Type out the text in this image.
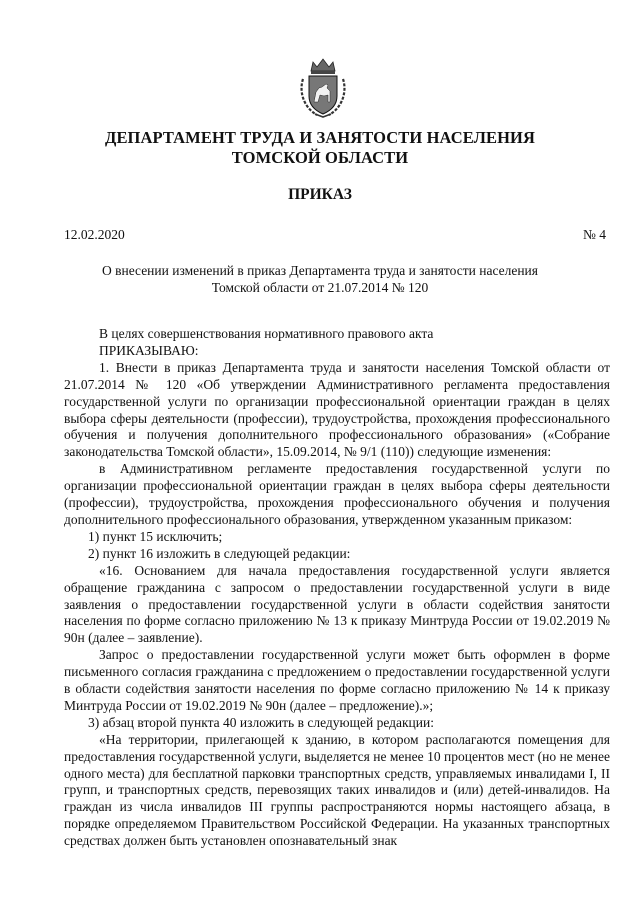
ДЕПАРТАМЕНТ ТРУДА И ЗАНЯТОСТИ НАСЕЛЕНИЯ
ТОМСКОЙ ОБЛАСТИ
ПРИКАЗ
12.02.2020	№ 4
О внесении изменений в приказ Департамента труда и занятости населения
Томской области от 21.07.2014 № 120

В целях совершенствования нормативного правового акта

ПРИКАЗЫВАЮ:

1. Внести в приказ Департамента труда и занятости населения Томской области от 21.07.2014 № 120 «Об утверждении Административного регламента предоставления государственной услуги по организации профессиональной ориентации граждан в целях выбора сферы деятельности (профессии), трудоустройства, прохождения профессионального обучения и получения дополнительного профессионального образования» («Собрание законодательства Томской области», 15.09.2014, № 9/1 (110)) следующие изменения:

в Административном регламенте предоставления государственной услуги по организации профессиональной ориентации граждан в целях выбора сферы деятельности (профессии), трудоустройства, прохождения профессионального обучения и получения дополнительного профессионального образования, утвержденном указанным приказом:

1) пункт 15 исключить;

2) пункт 16 изложить в следующей редакции:

«16. Основанием для начала предоставления государственной услуги является обращение гражданина с запросом о предоставлении государственной услуги в виде заявления о предоставлении государственной услуги в области содействия занятости населения по форме согласно приложению № 13 к приказу Минтруда России от 19.02.2019 № 90н (далее – заявление).

Запрос о предоставлении государственной услуги может быть оформлен в форме письменного согласия гражданина с предложением о предоставлении государственной услуги в области содействия занятости населения по форме согласно приложению № 14 к приказу Минтруда России от 19.02.2019 № 90н (далее – предложение).»;

3) абзац второй пункта 40 изложить в следующей редакции:

«На территории, прилегающей к зданию, в котором располагаются помещения для предоставления государственной услуги, выделяется не менее 10 процентов мест (но не менее одного места) для бесплатной парковки транспортных средств, управляемых инвалидами I, II групп, и транспортных средств, перевозящих таких инвалидов и (или) детей-инвалидов. На граждан из числа инвалидов III группы распространяются нормы настоящего абзаца, в порядке определяемом Правительством Российской Федерации. На указанных транспортных средствах должен быть установлен опознавательный знак
